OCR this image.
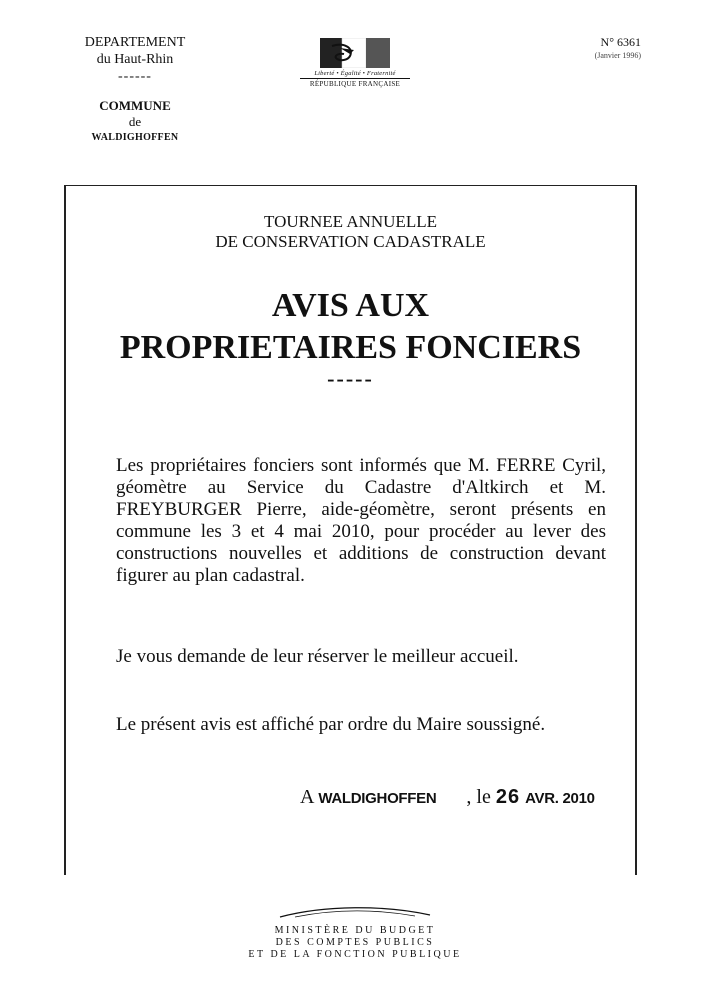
DEPARTEMENT
du Haut-Rhin
------
COMMUNE
de
WALDIGHOFFEN
Liberté • Égalité • Fraternité
RÉPUBLIQUE FRANÇAISE
N° 6361
(Janvier 1996)
TOURNEE ANNUELLE
DE CONSERVATION CADASTRALE
AVIS AUX
PROPRIETAIRES FONCIERS
-----
Les propriétaires fonciers sont informés que M. FERRE Cyril, géomètre au Service du Cadastre d'Altkirch et M. FREYBURGER Pierre, aide-géomètre, seront présents en commune les 3 et 4 mai 2010, pour procéder au lever des constructions nouvelles et additions de construction devant figurer au plan cadastral.
Je vous demande de leur réserver le meilleur accueil.
Le présent avis est affiché par ordre du Maire soussigné.
A WALDIGHOFFEN , le 26 AVR. 2010
MINISTÈRE DU BUDGET
DES COMPTES PUBLICS
ET DE LA FONCTION PUBLIQUE
